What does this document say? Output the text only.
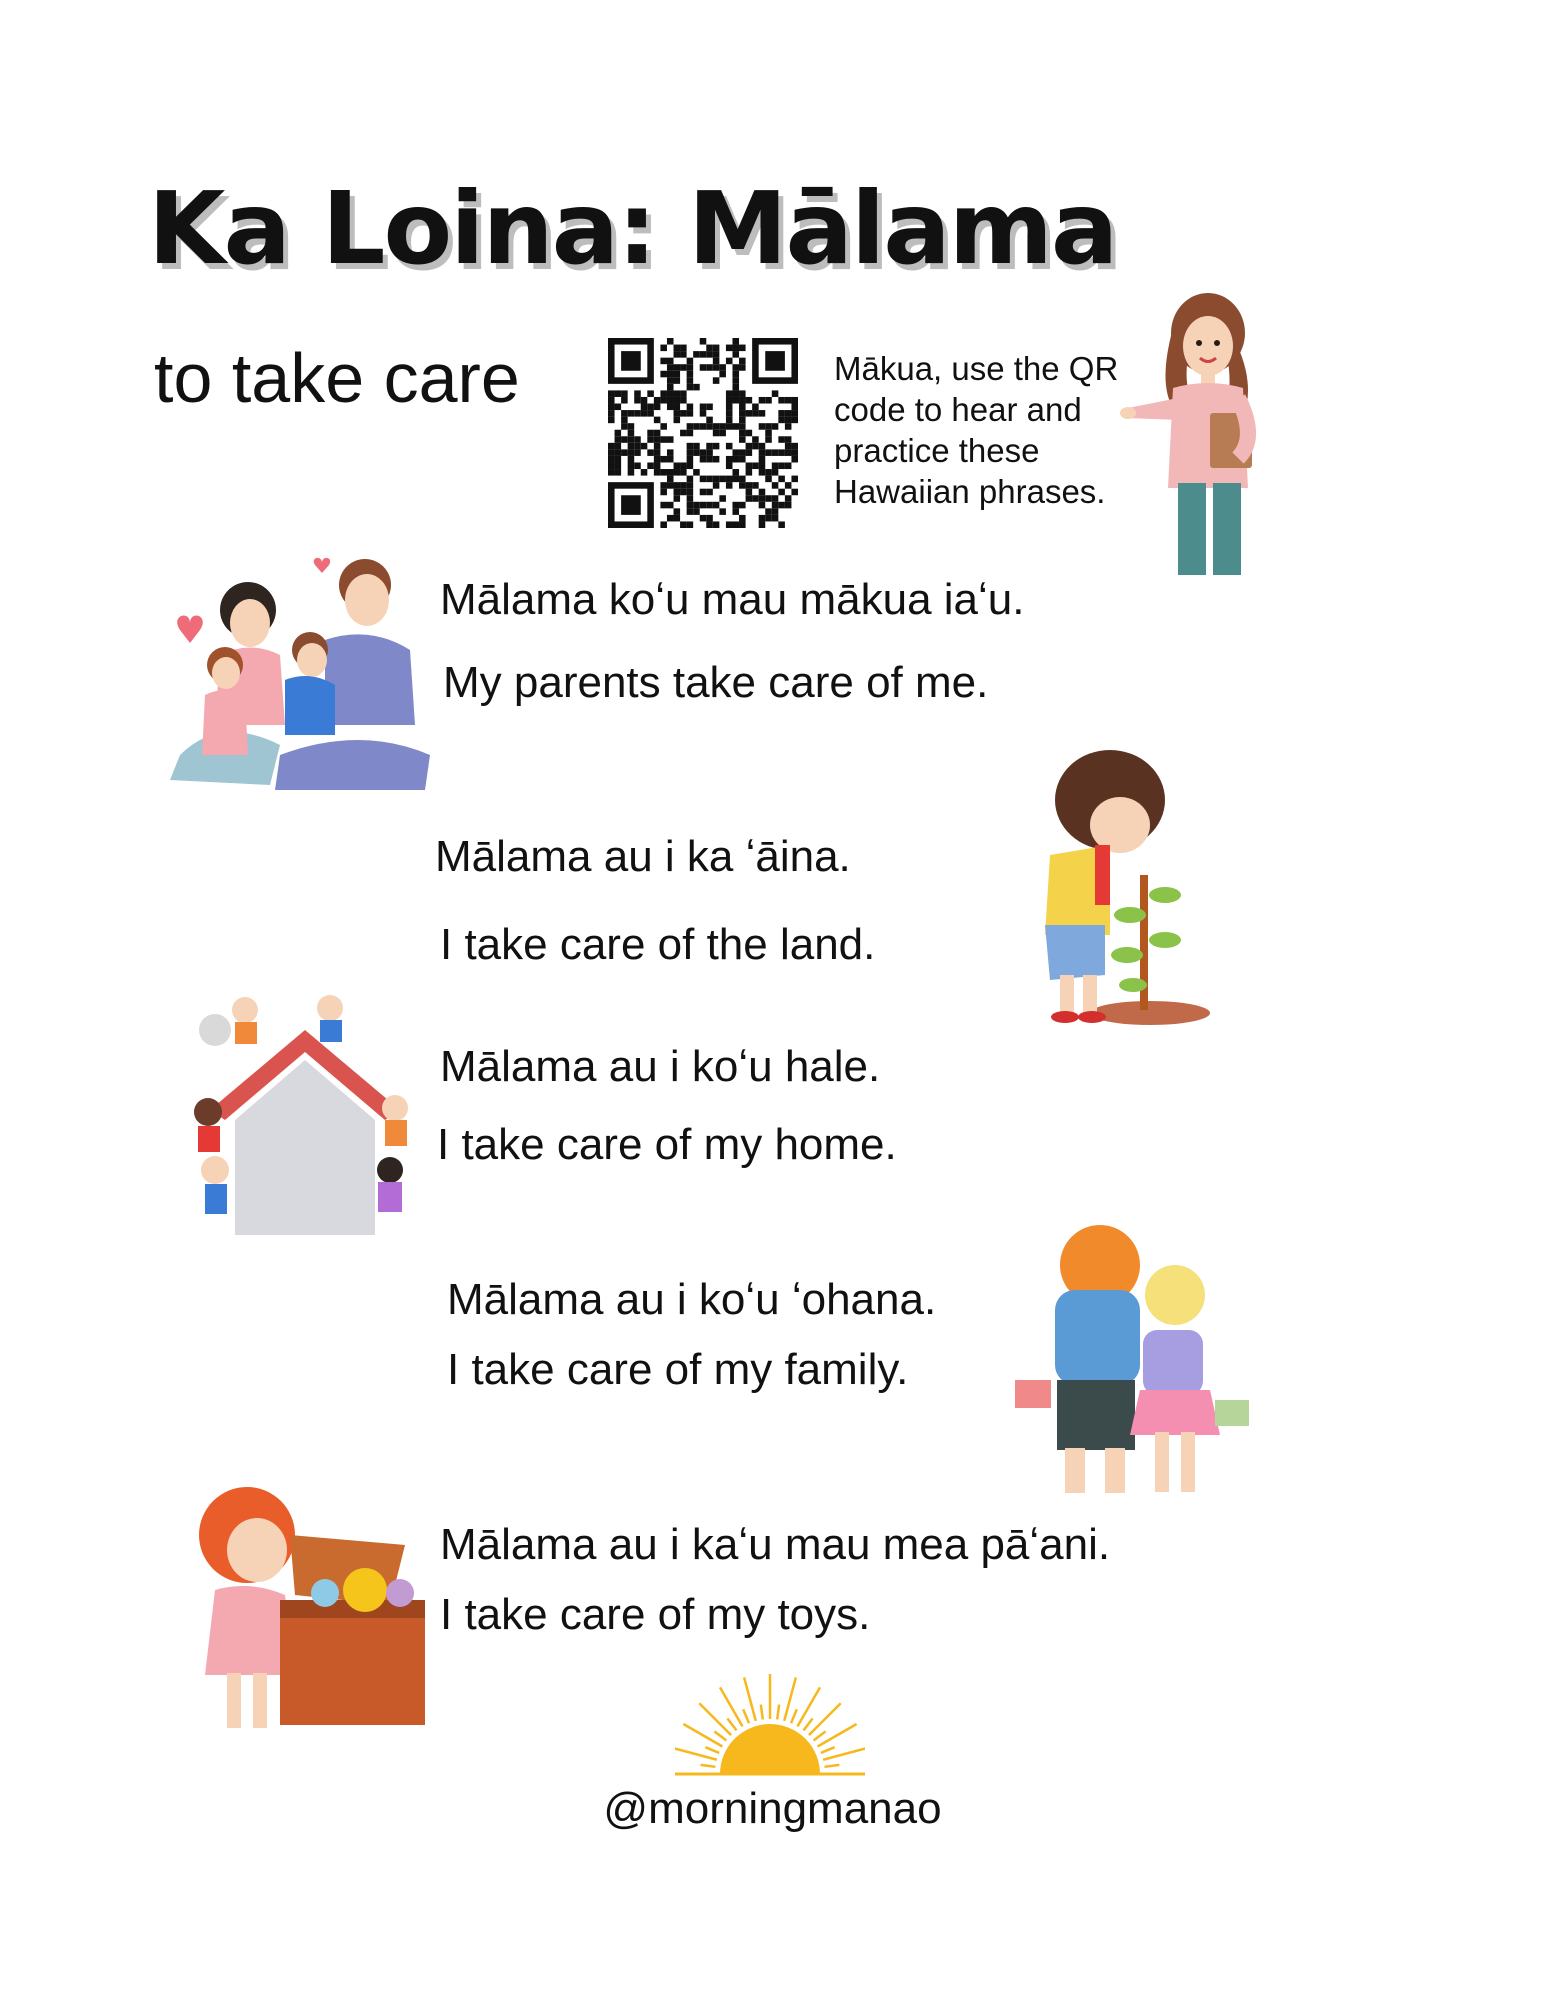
Ka Loina: Mālama
to take care	Mākua, use the QR code to hear and practice these Hawaiian phrases.
Mālama koʻu mau mākua iaʻu.
My parents take care of me.
Mālama au i ka ʻāina.
I take care of the land.
Mālama au i koʻu hale.
I take care of my home.
Mālama au i koʻu ʻohana.
I take care of my family.
Mālama au i kaʻu mau mea pāʻani.
I take care of my toys.
@morningmanao
